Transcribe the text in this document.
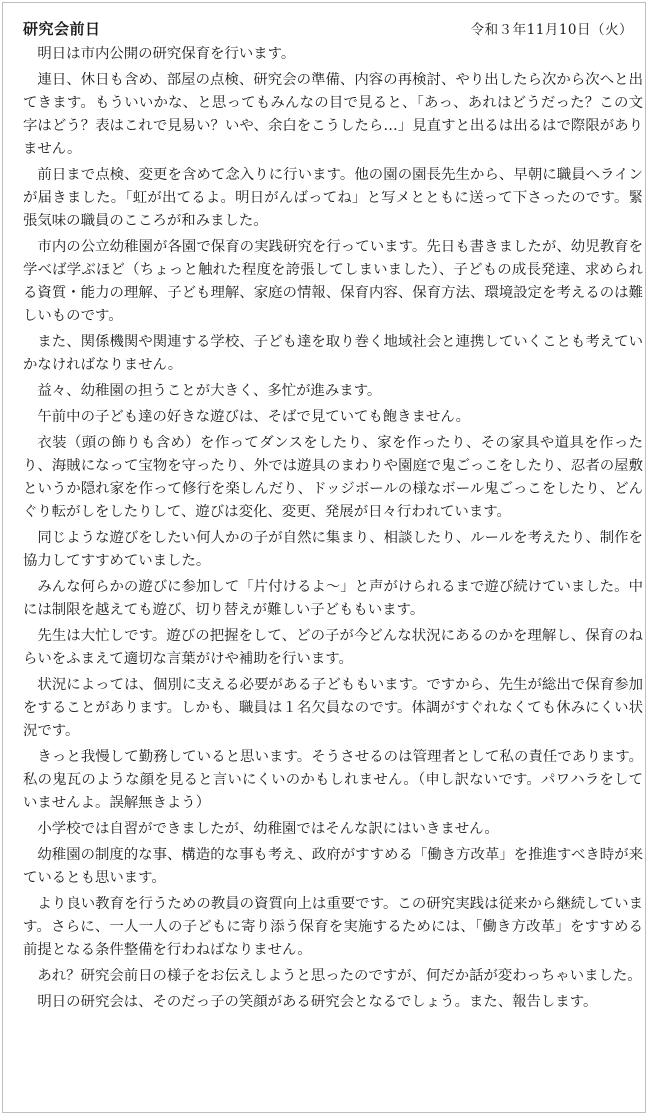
研究会前日	令和３年11月10日（火）

明日は市内公開の研究保育を行います。

連日、休日も含め、部屋の点検、研究会の準備、内容の再検討、やり出したら次から次へと出てきます。もういいかな、と思ってもみんなの目で見ると、「あっ、あれはどうだった？この文字はどう？表はこれで見易い？いや、余白をこうしたら…」見直すと出るは出るはで際限がありません。

前日まで点検、変更を含めて念入りに行います。他の園の園長先生から、早朝に職員へラインが届きました。「虹が出てるよ。明日がんばってね」と写メとともに送って下さったのです。緊張気味の職員のこころが和みました。

市内の公立幼稚園が各園で保育の実践研究を行っています。先日も書きましたが、幼児教育を学べば学ぶほど（ちょっと触れた程度を誇張してしまいました）、子どもの成長発達、求められる資質・能力の理解、子ども理解、家庭の情報、保育内容、保育方法、環境設定を考えるのは難しいものです。

また、関係機関や関連する学校、子ども達を取り巻く地域社会と連携していくことも考えていかなければなりません。

益々、幼稚園の担うことが大きく、多忙が進みます。

午前中の子ども達の好きな遊びは、そばで見ていても飽きません。

衣装（頭の飾りも含め）を作ってダンスをしたり、家を作ったり、その家具や道具を作ったり、海賊になって宝物を守ったり、外では遊具のまわりや園庭で鬼ごっこをしたり、忍者の屋敷というか隠れ家を作って修行を楽しんだり、ドッジボールの様なボール鬼ごっこをしたり、どんぐり転がしをしたりして、遊びは変化、変更、発展が日々行われています。

同じような遊びをしたい何人かの子が自然に集まり、相談したり、ルールを考えたり、制作を協力してすすめていました。

みんな何らかの遊びに参加して「片付けるよ～」と声がけられるまで遊び続けていました。中には制限を越えても遊び、切り替えが難しい子どももいます。

先生は大忙しです。遊びの把握をして、どの子が今どんな状況にあるのかを理解し、保育のねらいをふまえて適切な言葉がけや補助を行います。

状況によっては、個別に支える必要がある子どももいます。ですから、先生が総出で保育参加をすることがあります。しかも、職員は１名欠員なのです。体調がすぐれなくても休みにくい状況です。

きっと我慢して勤務していると思います。そうさせるのは管理者として私の責任であります。私の鬼瓦のような顔を見ると言いにくいのかもしれません。（申し訳ないです。パワハラをしていませんよ。誤解無きよう）

小学校では自習ができましたが、幼稚園ではそんな訳にはいきません。

幼稚園の制度的な事、構造的な事も考え、政府がすすめる「働き方改革」を推進すべき時が来ているとも思います。

より良い教育を行うための教員の資質向上は重要です。この研究実践は従来から継続しています。さらに、一人一人の子どもに寄り添う保育を実施するためには、「働き方改革」をすすめる前提となる条件整備を行わねばなりません。

あれ？研究会前日の様子をお伝えしようと思ったのですが、何だか話が変わっちゃいました。

明日の研究会は、そのだっ子の笑顔がある研究会となるでしょう。また、報告します。
